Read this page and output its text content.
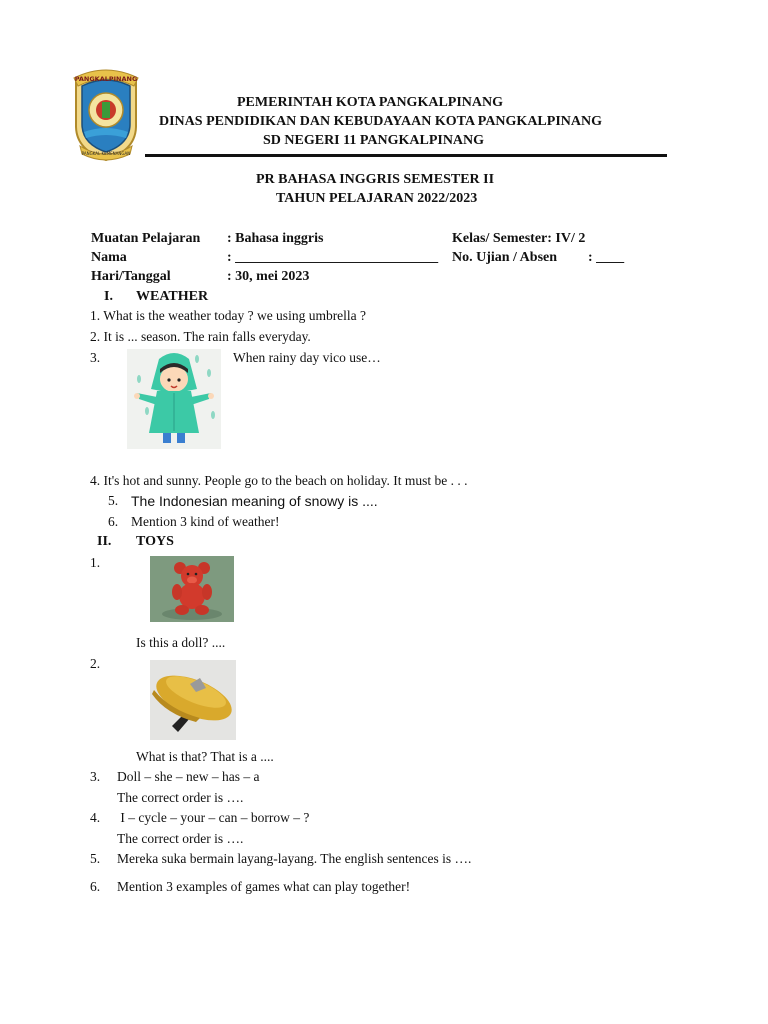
PANGKALPINANG
PANGKAL KEMENANGAN
PEMERINTAH KOTA PANGKALPINANG
DINAS PENDIDIKAN DAN KEBUDAYAAN KOTA PANGKALPINANG
SD NEGERI 11 PANGKALPINANG
PR BAHASA INGGRIS SEMESTER II
TAHUN PELAJARAN 2022/2023
Muatan Pelajaran : Bahasa inggris	Kelas/ Semester: IV/ 2
Nama	: _____________________________ No. Ujian / Absen : ____
Hari/Tanggal	: 30, mei 2023
I. WEATHER
1. What is the weather today ? we using umbrella ?
2. It is ... season. The rain falls everyday.
3.	When rainy day vico use…
4. It's hot and sunny. People go to the beach on holiday. It must be . . .
5. The Indonesian meaning of snowy is ....
6. Mention 3 kind of weather!
II. TOYS
1.
Is this a doll? ....
2.
What is that? That is a ....
3. Doll – she – new – has – a
The correct order is ….
4. I – cycle – your – can – borrow – ?
The correct order is ….
5. Mereka suka bermain layang-layang. The english sentences is ….
6. Mention 3 examples of games what can play together!
